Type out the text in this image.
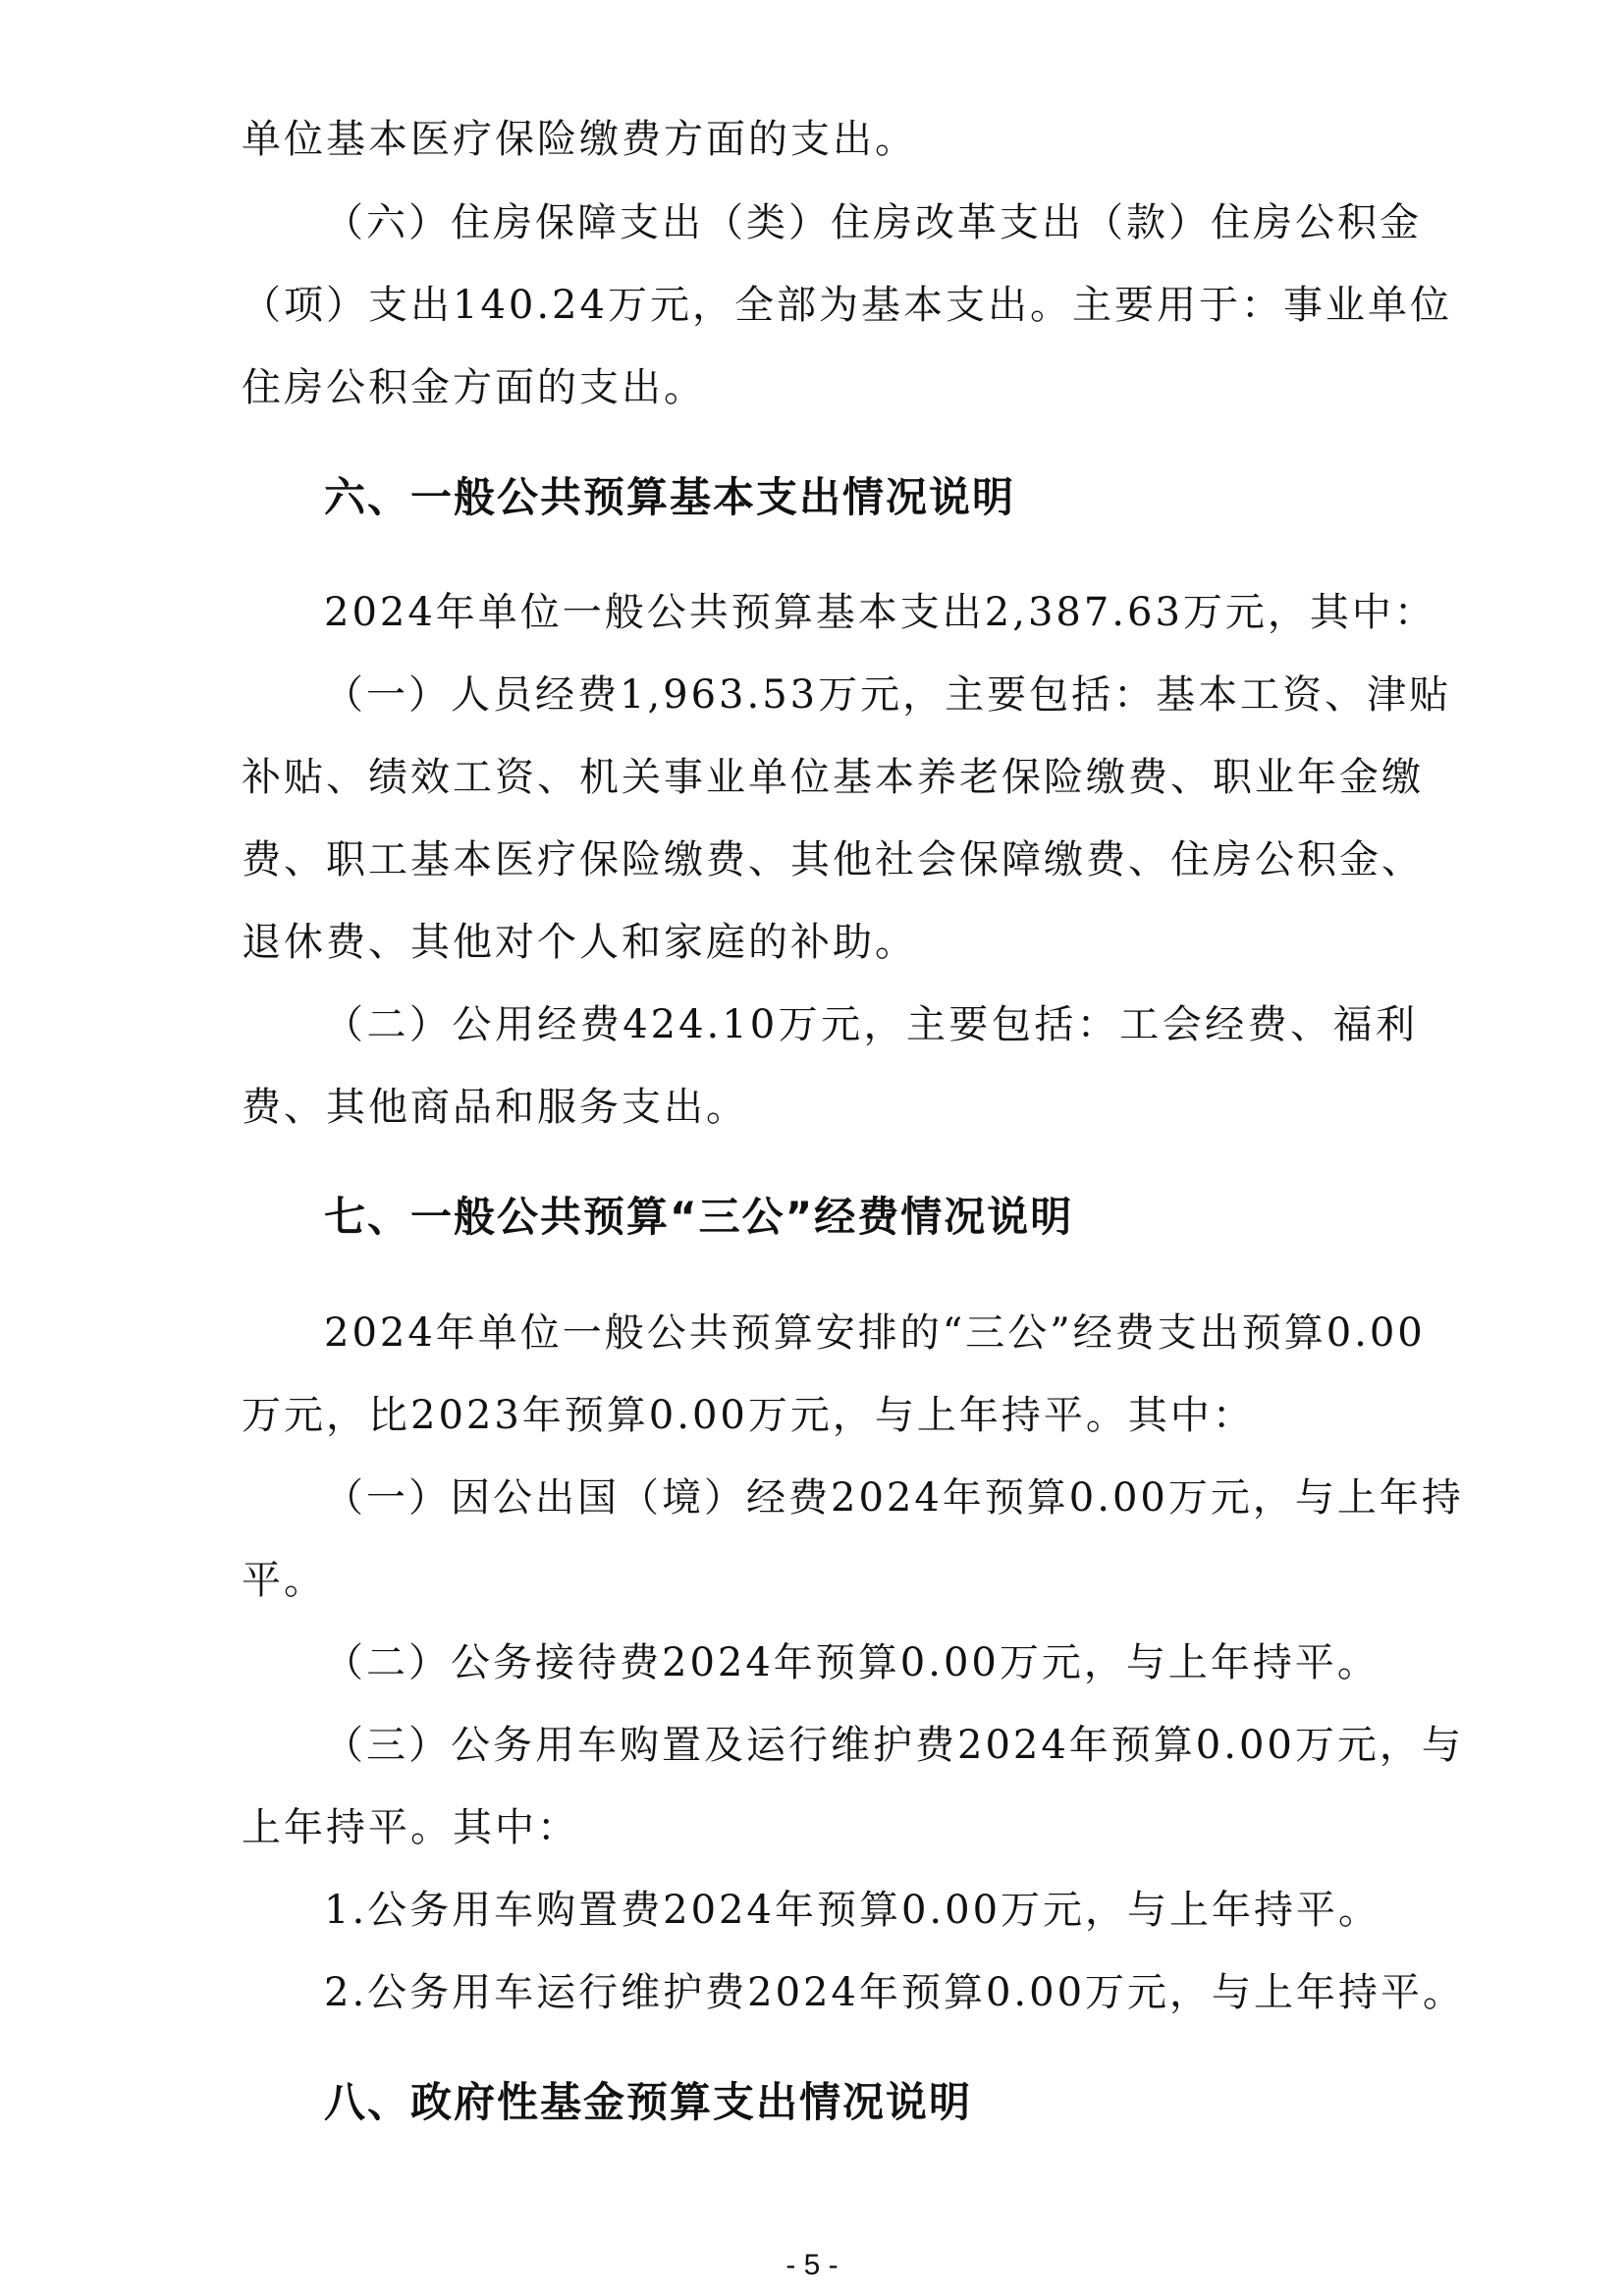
单位基本医疗保险缴费方面的支出。

（六）住房保障支出（类）住房改革支出（款）住房公积金

（项）支出140.24万元，全部为基本支出。主要用于：事业单位

住房公积金方面的支出。

六、一般公共预算基本支出情况说明

2024年单位一般公共预算基本支出2,387.63万元，其中：

（一）人员经费1,963.53万元，主要包括：基本工资、津贴

补贴、绩效工资、机关事业单位基本养老保险缴费、职业年金缴

费、职工基本医疗保险缴费、其他社会保障缴费、住房公积金、

退休费、其他对个人和家庭的补助。

（二）公用经费424.10万元，主要包括：工会经费、福利

费、其他商品和服务支出。

七、一般公共预算“三公”经费情况说明

2024年单位一般公共预算安排的“三公”经费支出预算0.00

万元，比2023年预算0.00万元，与上年持平。其中：

（一）因公出国（境）经费2024年预算0.00万元，与上年持

平。

（二）公务接待费2024年预算0.00万元，与上年持平。

（三）公务用车购置及运行维护费2024年预算0.00万元，与

上年持平。其中：

1.公务用车购置费2024年预算0.00万元，与上年持平。

2.公务用车运行维护费2024年预算0.00万元，与上年持平。

八、政府性基金预算支出情况说明

- 5 -
